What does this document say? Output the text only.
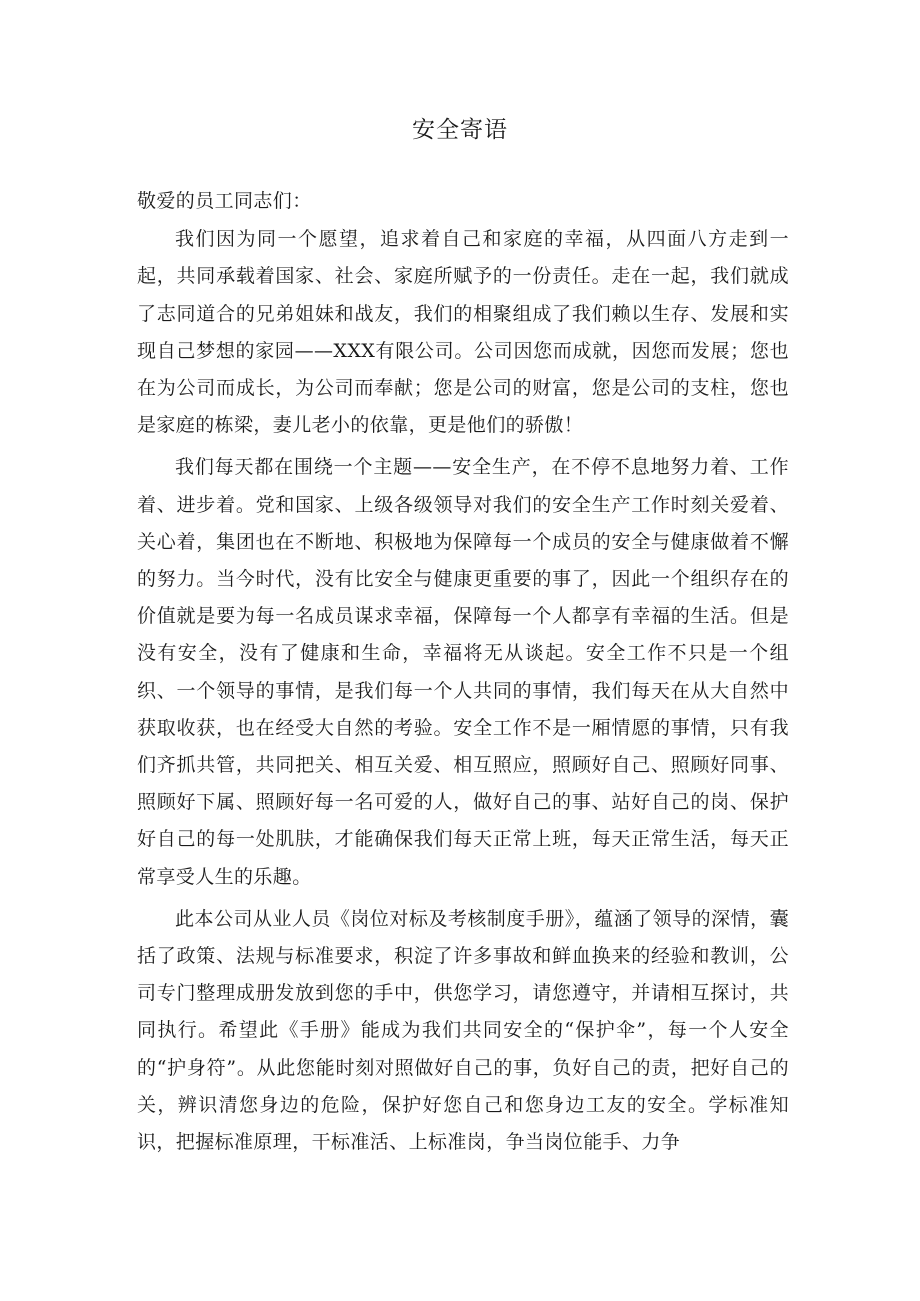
安全寄语

敬爱的员工同志们：

我们因为同一个愿望，追求着自己和家庭的幸福，从四面八方走到一起，共同承载着国家、社会、家庭所赋予的一份责任。走在一起，我们就成了志同道合的兄弟姐妹和战友，我们的相聚组成了我们赖以生存、发展和实现自己梦想的家园——XXX有限公司。公司因您而成就，因您而发展；您也在为公司而成长，为公司而奉献；您是公司的财富，您是公司的支柱，您也是家庭的栋梁，妻儿老小的依靠，更是他们的骄傲！

我们每天都在围绕一个主题——安全生产，在不停不息地努力着、工作着、进步着。党和国家、上级各级领导对我们的安全生产工作时刻关爱着、关心着，集团也在不断地、积极地为保障每一个成员的安全与健康做着不懈的努力。当今时代，没有比安全与健康更重要的事了，因此一个组织存在的价值就是要为每一名成员谋求幸福，保障每一个人都享有幸福的生活。但是没有安全，没有了健康和生命，幸福将无从谈起。安全工作不只是一个组织、一个领导的事情，是我们每一个人共同的事情，我们每天在从大自然中获取收获，也在经受大自然的考验。安全工作不是一厢情愿的事情，只有我们齐抓共管，共同把关、相互关爱、相互照应，照顾好自己、照顾好同事、照顾好下属、照顾好每一名可爱的人，做好自己的事、站好自己的岗、保护好自己的每一处肌肤，才能确保我们每天正常上班，每天正常生活，每天正常享受人生的乐趣。

此本公司从业人员《岗位对标及考核制度手册》，蕴涵了领导的深情，囊括了政策、法规与标准要求，积淀了许多事故和鲜血换来的经验和教训，公司专门整理成册发放到您的手中，供您学习，请您遵守，并请相互探讨，共同执行。希望此《手册》能成为我们共同安全的“保护伞”，每一个人安全的“护身符”。从此您能时刻对照做好自己的事，负好自己的责，把好自己的关，辨识清您身边的危险，保护好您自己和您身边工友的安全。学标准知识，把握标准原理，干标准活、上标准岗，争当岗位能手、力争
